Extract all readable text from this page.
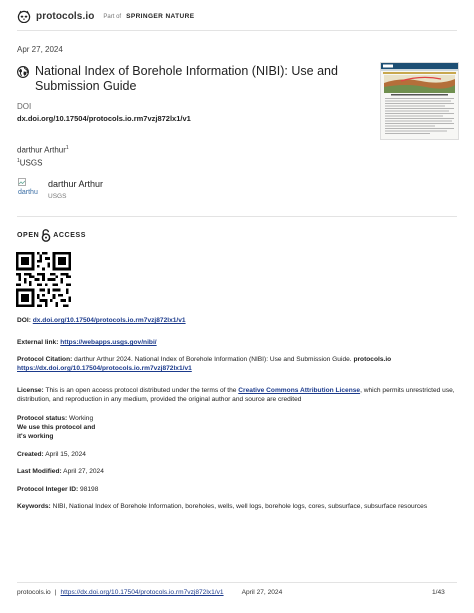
protocols.io Part of SPRINGER NATURE
Apr 27, 2024
National Index of Borehole Information (NIBI): Use and Submission Guide
DOI
dx.doi.org/10.17504/protocols.io.rm7vzj872lx1/v1
darthur Arthur$^1$
$^1$USGS
darthu
darthur Arthur
USGS
OPEN ACCESS
DOI: dx.doi.org/10.17504/protocols.io.rm7vzj872lx1/v1
External link: https://webapps.usgs.gov/nibi/
Protocol Citation: darthur Arthur 2024. National Index of Borehole Information (NIBI): Use and Submission Guide. protocols.io
https://dx.doi.org/10.17504/protocols.io.rm7vzj872lx1/v1
License: This is an open access protocol distributed under the terms of the Creative Commons Attribution License, which permits unrestricted use, distribution, and reproduction in any medium, provided the original author and source are credited
Protocol status: Working
We use this protocol and it's working
Created: April 15, 2024
Last Modified: April 27, 2024
Protocol Integer ID: 98198
Keywords: NIBI, National Index of Borehole Information, boreholes, wells, well logs, borehole logs, cores, subsurface, subsurface resources
protocols.io | https://dx.doi.org/10.17504/protocols.io.rm7vzj872lx1/v1	April 27, 2024	1/43
